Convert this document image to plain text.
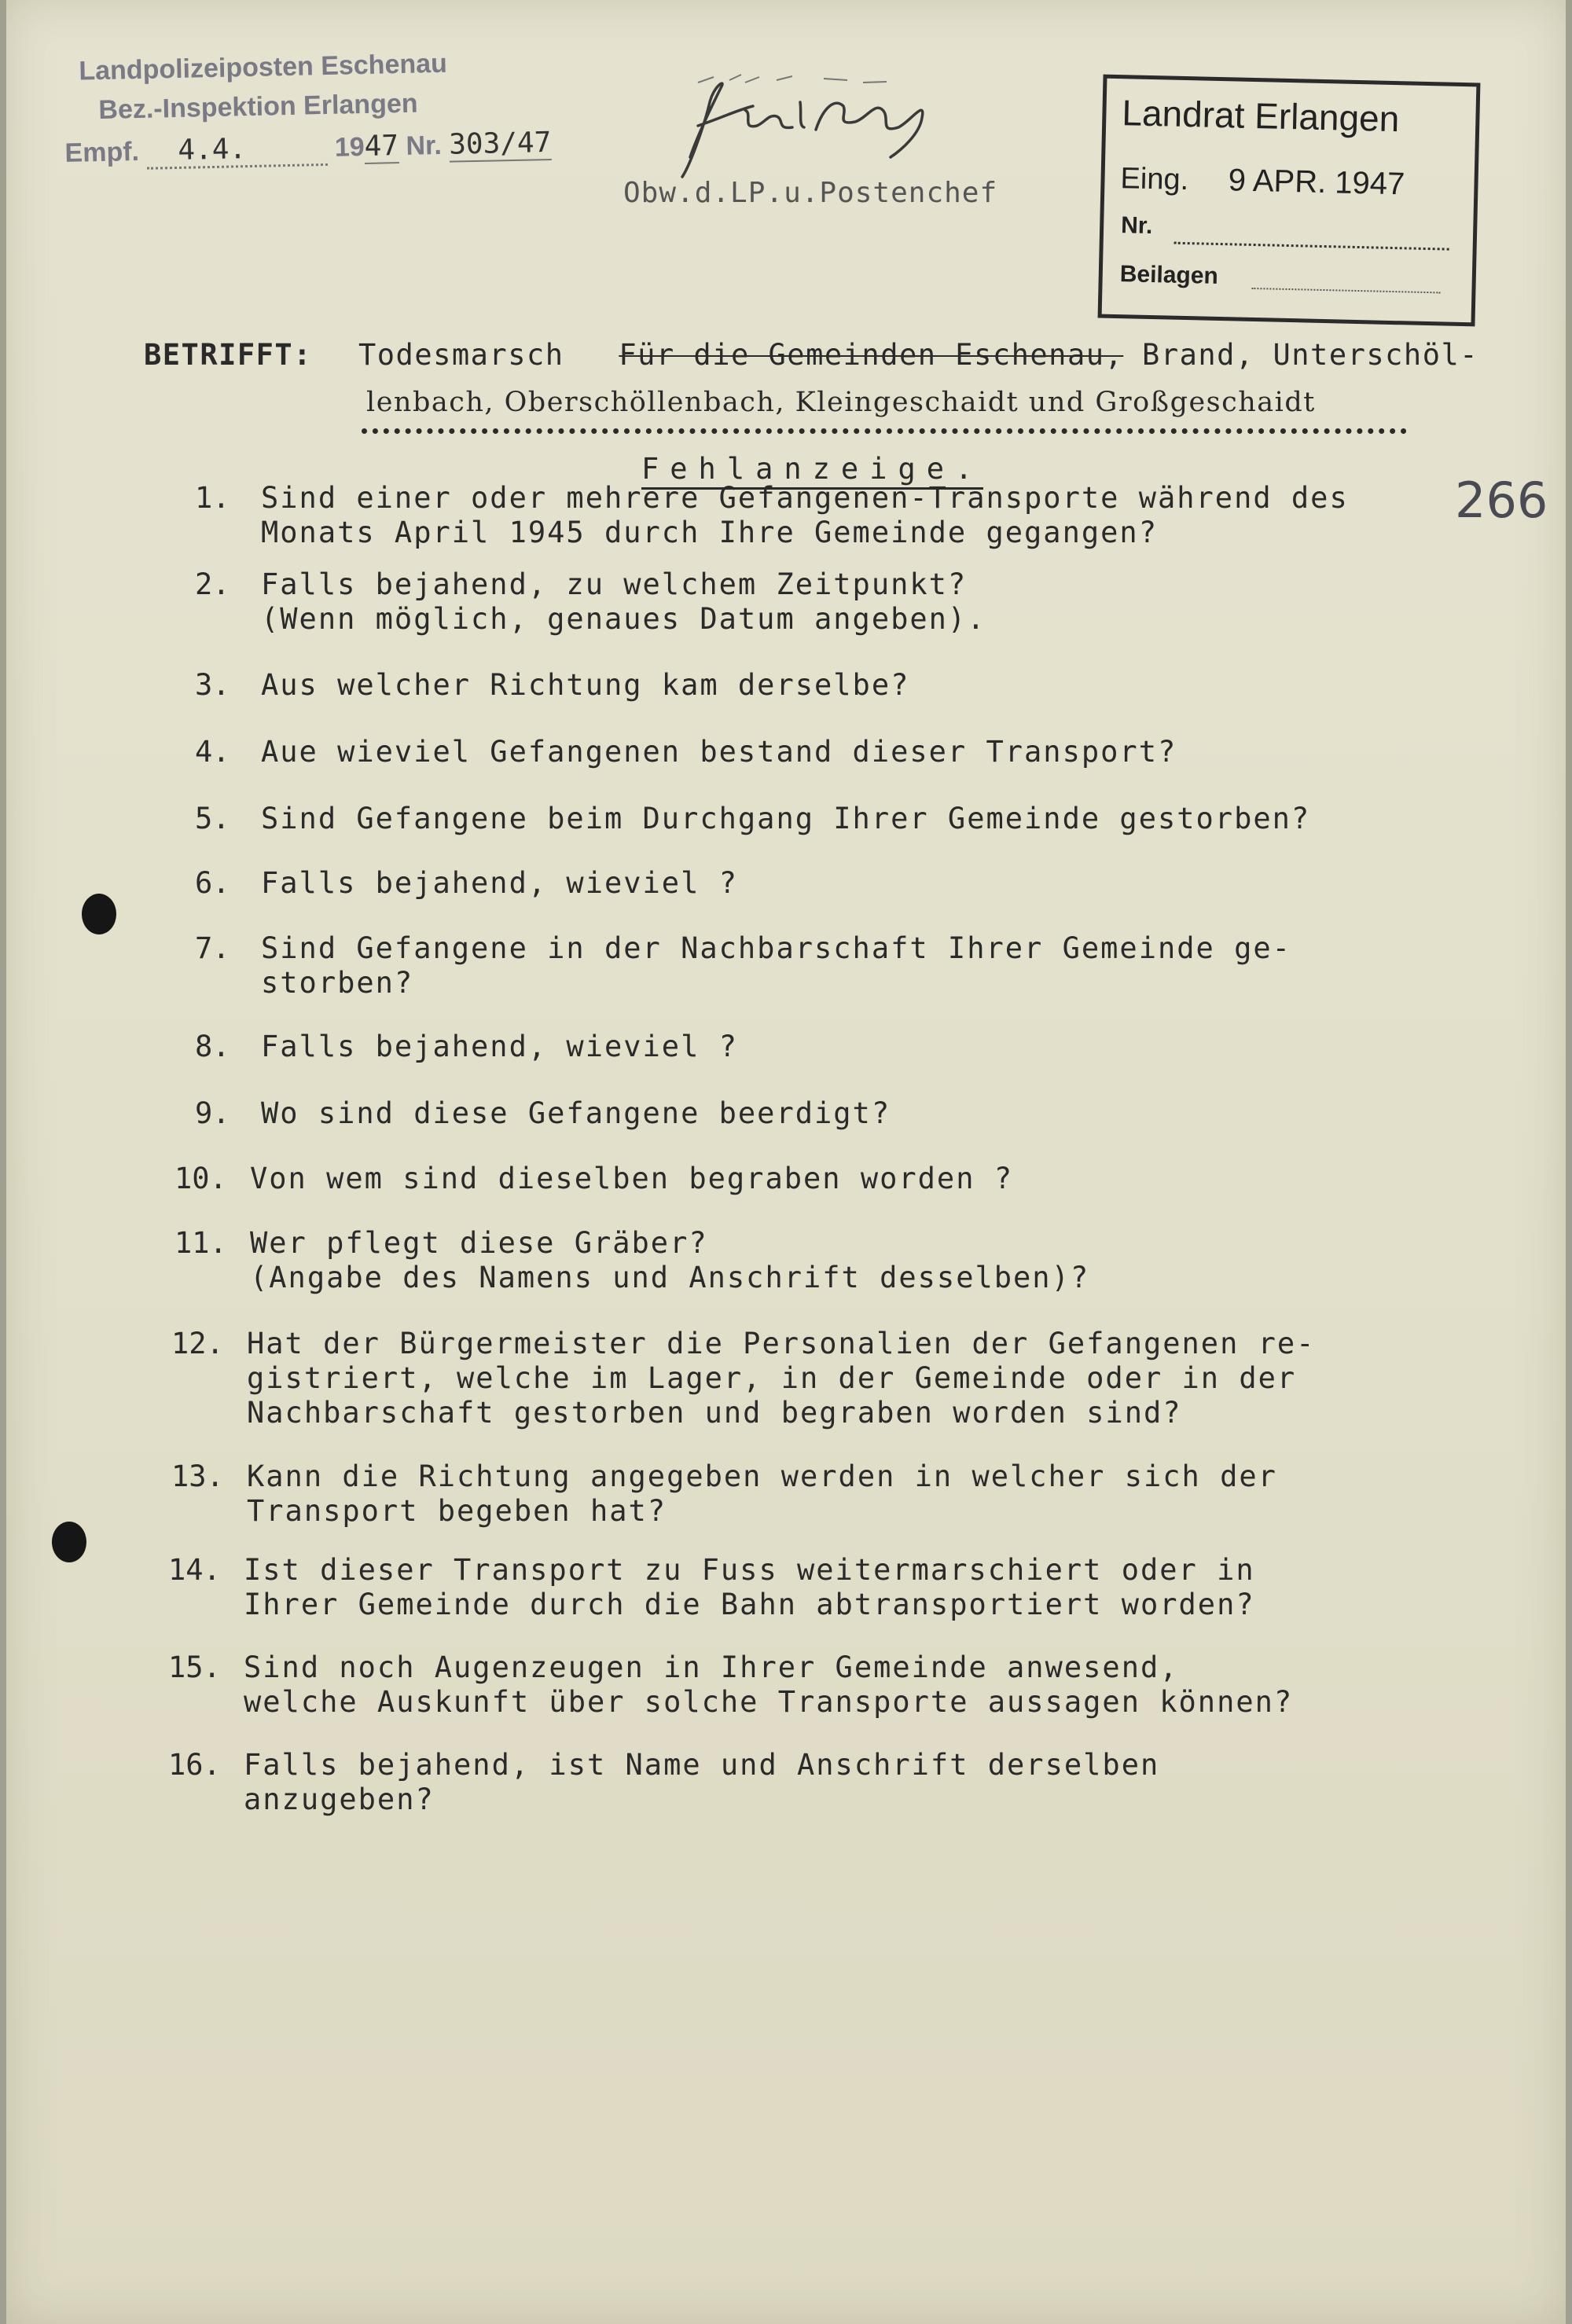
Landpolizeiposten Eschenau
Bez.-Inspektion Erlangen
Empf. 4.4.	1947 Nr. 303/47
Obw.d.LP.u.Postenchef
Landrat Erlangen
Eing. 9 APR. 1947
Nr.
Beilagen
BETRIFFT: Todesmarsch Für die Gemeinden Eschenau, Brand, Unterschöl-
lenbach, Oberschöllenbach, Kleingeschaidt und Großgeschaidt
Fehlanzeige.
266
1. Sind einer oder mehrere Gefangenen-Transporte während des
Monats April 1945 durch Ihre Gemeinde gegangen?
2. Falls bejahend, zu welchem Zeitpunkt?
(Wenn möglich, genaues Datum angeben).
3. Aus welcher Richtung kam derselbe?
4. Aue wieviel Gefangenen bestand dieser Transport?
5. Sind Gefangene beim Durchgang Ihrer Gemeinde gestorben?
6. Falls bejahend, wieviel ?
7. Sind Gefangene in der Nachbarschaft Ihrer Gemeinde ge-
storben?
8. Falls bejahend, wieviel ?
9. Wo sind diese Gefangene beerdigt?
10. Von wem sind dieselben begraben worden ?
11. Wer pflegt diese Gräber?
(Angabe des Namens und Anschrift desselben)?
12. Hat der Bürgermeister die Personalien der Gefangenen re-
gistriert, welche im Lager, in der Gemeinde oder in der
Nachbarschaft gestorben und begraben worden sind?
13. Kann die Richtung angegeben werden in welcher sich der
Transport begeben hat?
14. Ist dieser Transport zu Fuss weitermarschiert oder in
Ihrer Gemeinde durch die Bahn abtransportiert worden?
15. Sind noch Augenzeugen in Ihrer Gemeinde anwesend,
welche Auskunft über solche Transporte aussagen können?
16. Falls bejahend, ist Name und Anschrift derselben
anzugeben?
